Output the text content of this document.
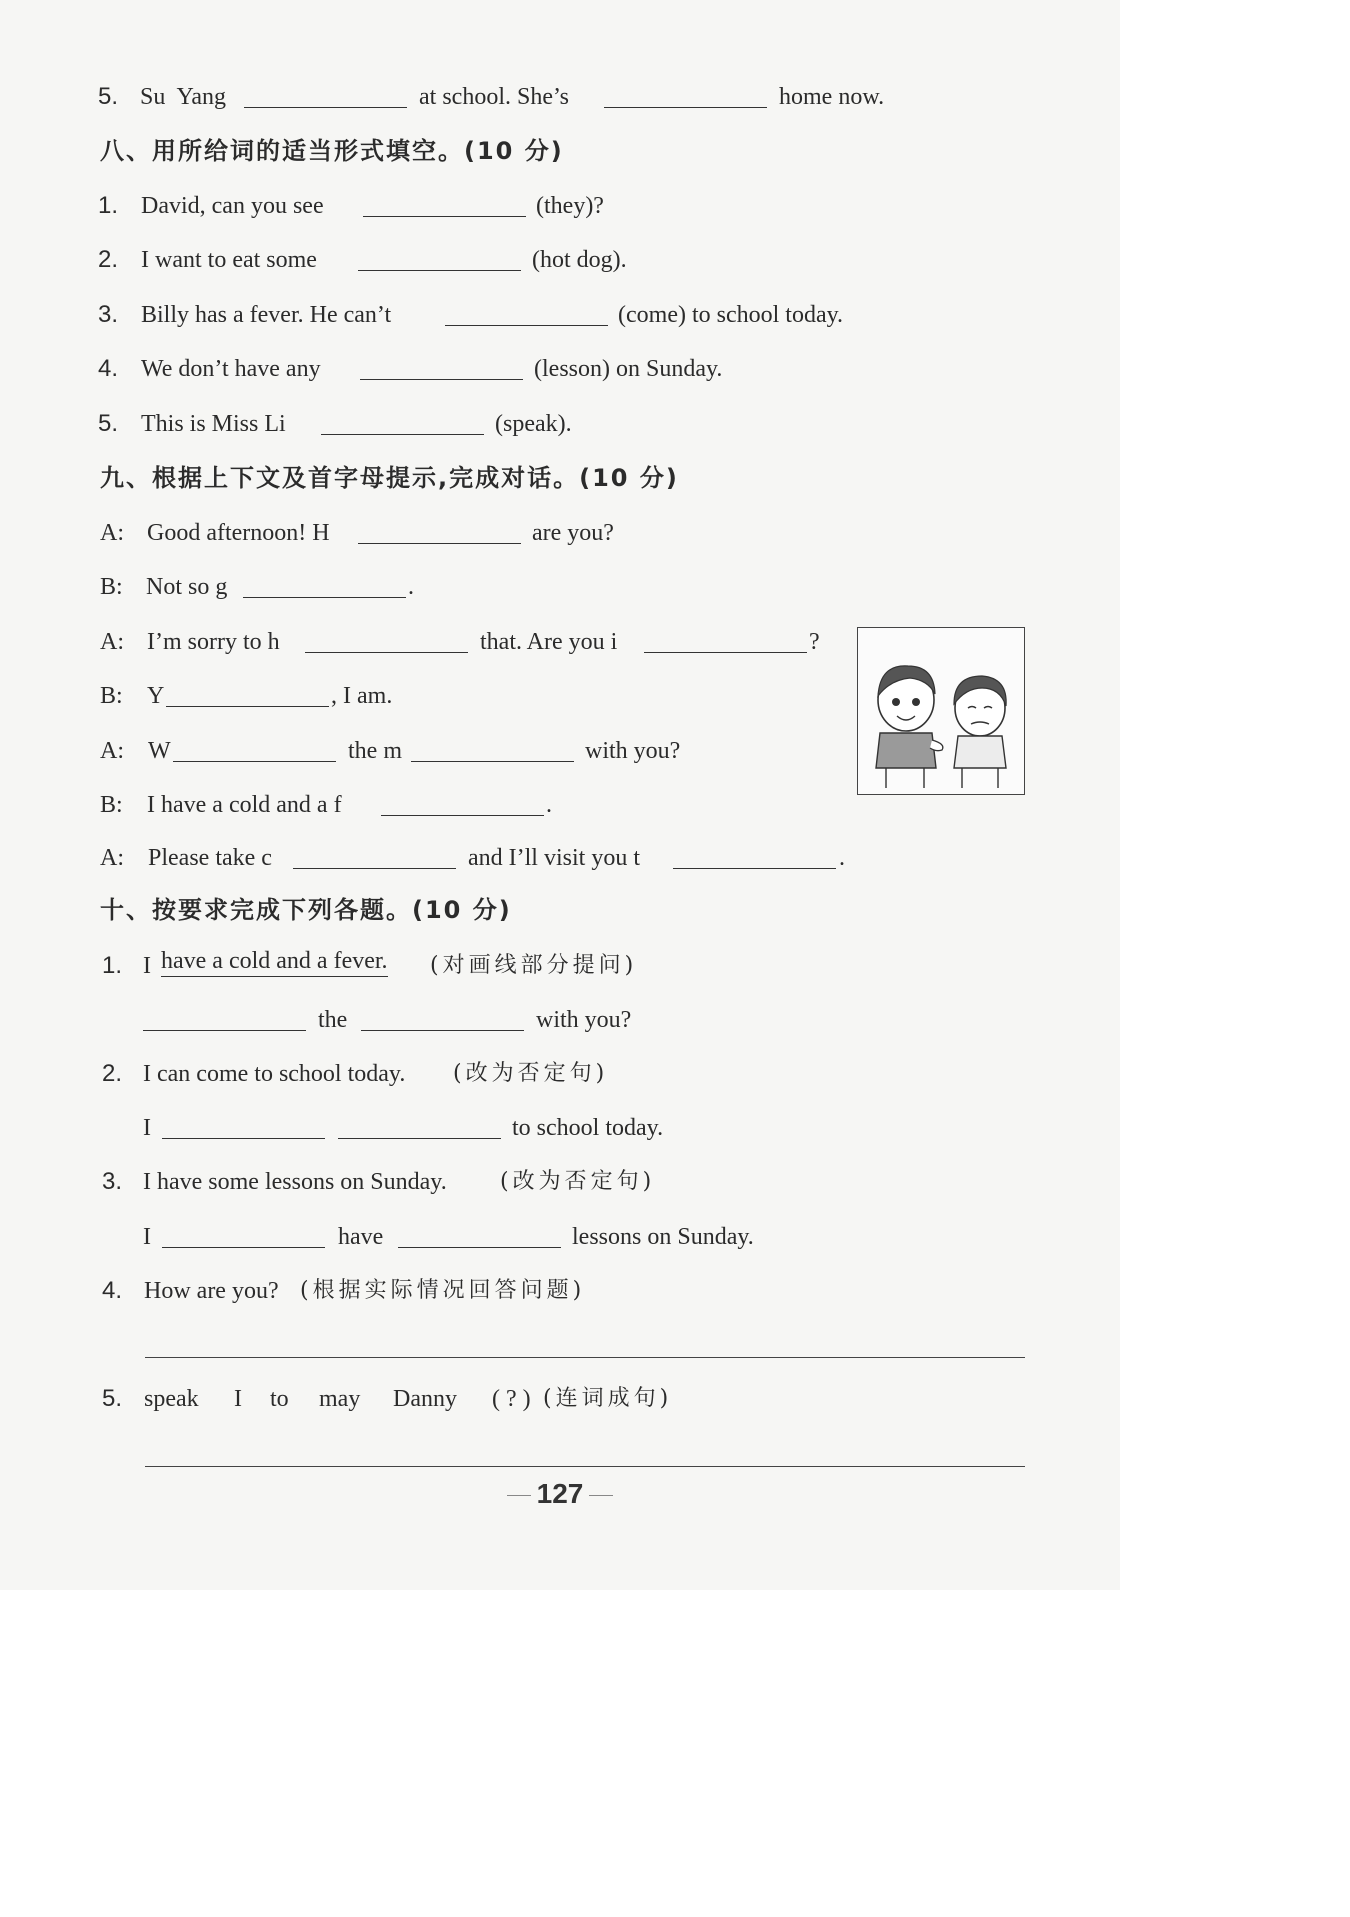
5. Su  Yang	at school. She’s	home now.
八、用所给词的适当形式填空。(10 分)
1. David, can you see	(they)?
2. I want to eat some	(hot dog).
3. Billy has a fever. He can’t	(come) to school today.
4. We don’t have any	(lesson) on Sunday.
5. This is Miss Li	(speak).
九、根据上下文及首字母提示,完成对话。(10 分)
A: Good afternoon! H	are you?
B: Not so g	.
A: I’m sorry to h	that. Are you i	?
B: Y	, I am.
A: W	the m	with you?
B: I have a cold and a f	.
A: Please take c	and I’ll visit you t	.
十、按要求完成下列各题。(10 分)
1. I have a cold and a fever. (对画线部分提问)
the	with you?
2. I can come to school today. (改为否定句)
I	to school today.
3. I have some lessons on Sunday. (改为否定句)
I	have	lessons on Sunday.
4. How are you? (根据实际情况回答问题)
5. speak I to may Danny ( ? ) (连词成句)
127
